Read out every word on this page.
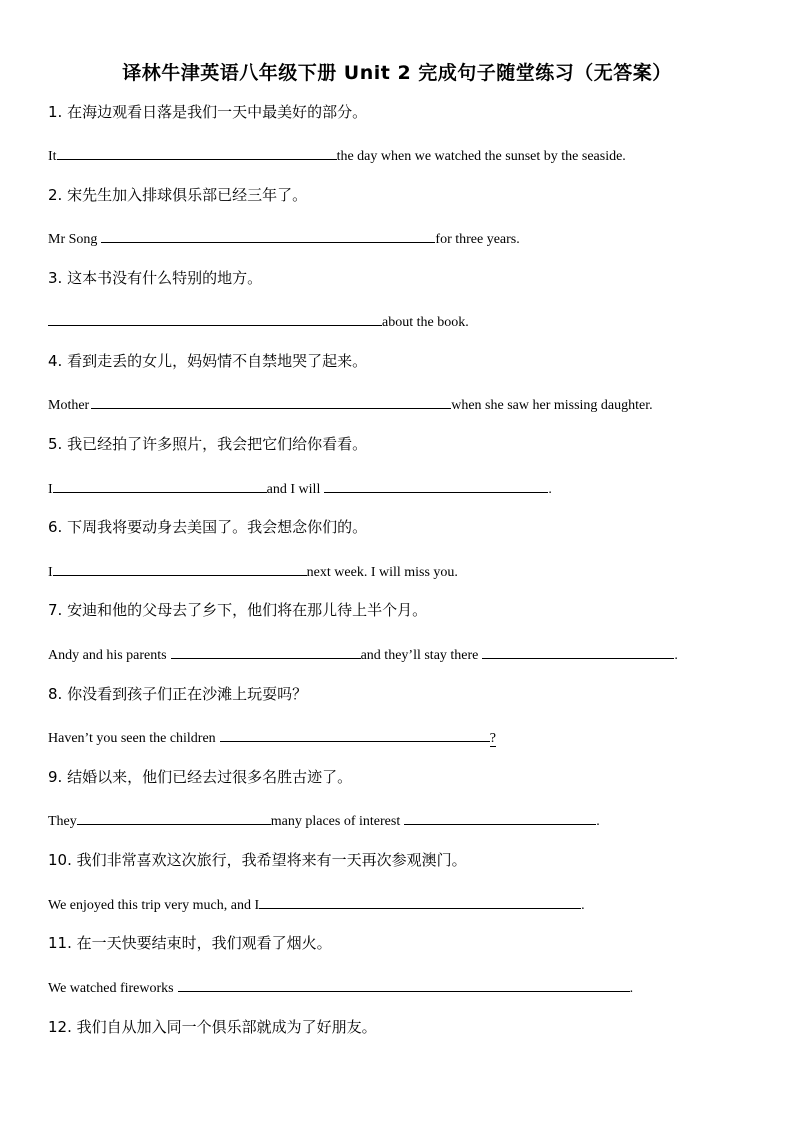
译林牛津英语八年级下册 Unit 2 完成句子随堂练习（无答案）
1. 在海边观看日落是我们一天中最美好的部分。
It	the day when we watched the sunset by the seaside.
2. 宋先生加入排球俱乐部已经三年了。
Mr Song	for three years.
3. 这本书没有什么特别的地方。
about the book.
4. 看到走丢的女儿，妈妈情不自禁地哭了起来。
Mother	when she saw her missing daughter.
5. 我已经拍了许多照片，我会把它们给你看看。
I	and I will	.
6. 下周我将要动身去美国了。我会想念你们的。
I	next week. I will miss you.
7. 安迪和他的父母去了乡下，他们将在那儿待上半个月。
Andy and his parents	and they’ll stay there	.
8. 你没看到孩子们正在沙滩上玩耍吗？
Haven’t you seen the children	?
9. 结婚以来，他们已经去过很多名胜古迹了。
They	many places of interest	.
10. 我们非常喜欢这次旅行，我希望将来有一天再次参观澳门。
We enjoyed this trip very much, and I	.
11. 在一天快要结束时，我们观看了烟火。
We watched fireworks	.
12. 我们自从加入同一个俱乐部就成为了好朋友。
